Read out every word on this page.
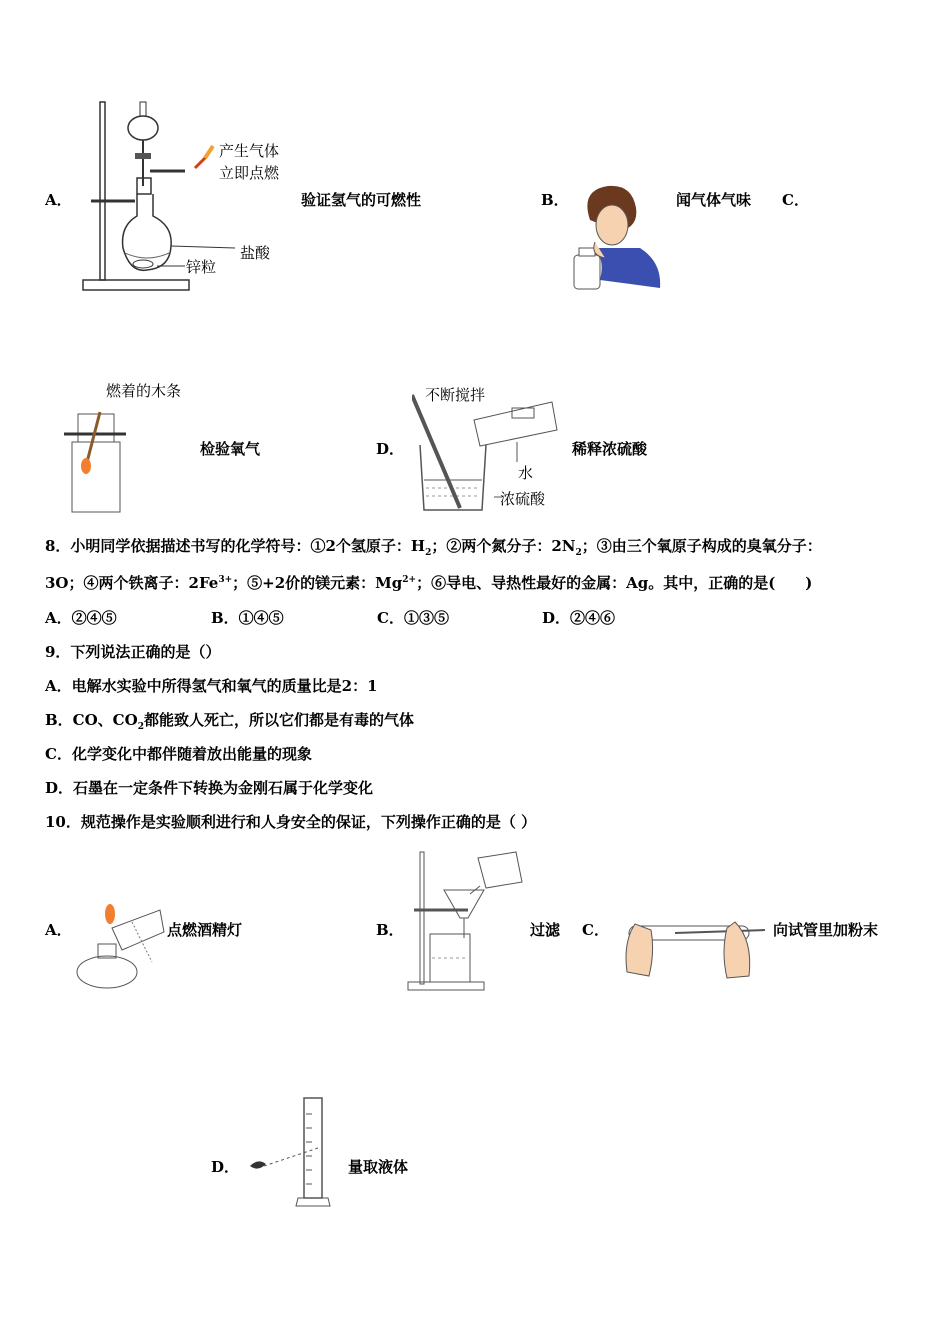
产生气体
立即点燃
盐酸
锌粒
A．	验证氢气的可燃性	B．	闻气体气味 C．
燃着的木条
检验氧气	D．
不断搅拌
水
浓硫酸
稀释浓硫酸
8．小明同学依据描述书写的化学符号：①2个氢原子：$H_2$；②两个氮分子：$2N_2$；③由三个氧原子构成的臭氧分子：
3O；④两个铁离子：$2Fe^{3+}$；⑤+2价的镁元素：$Mg^{2+}$；⑥导电、导热性最好的金属：Ag。其中，正确的是(　　)
A．②④⑤	B．①④⑤	C．①③⑤	D．②④⑥
9．下列说法正确的是（）
A．电解水实验中所得氢气和氧气的质量比是2：1
B．CO、$CO_2$都能致人死亡，所以它们都是有毒的气体
C．化学变化中都伴随着放出能量的现象
D．石墨在一定条件下转换为金刚石属于化学变化
10．规范操作是实验顺利进行和人身安全的保证，下列操作正确的是（ ）
A．	点燃酒精灯	B．	过滤 C．	向试管里加粉末
D．	量取液体
